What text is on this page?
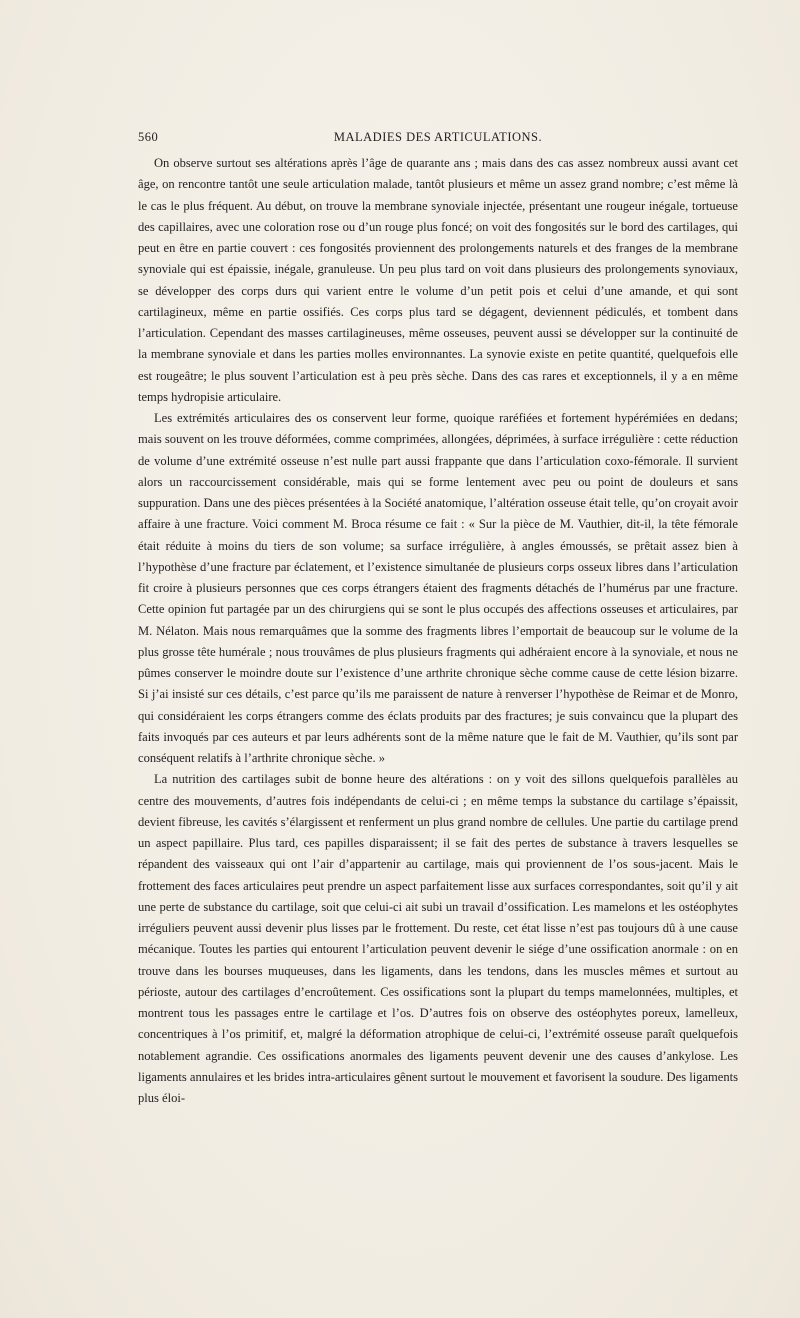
560	MALADIES DES ARTICULATIONS.

On observe surtout ses altérations après l’âge de quarante ans ; mais dans des cas assez nombreux aussi avant cet âge, on rencontre tantôt une seule articulation malade, tantôt plusieurs et même un assez grand nombre; c’est même là le cas le plus fréquent. Au début, on trouve la membrane synoviale injectée, présentant une rougeur inégale, tortueuse des capillaires, avec une coloration rose ou d’un rouge plus foncé; on voit des fongosités sur le bord des cartilages, qui peut en être en partie couvert : ces fongosités proviennent des prolongements naturels et des franges de la membrane synoviale qui est épaissie, inégale, granuleuse. Un peu plus tard on voit dans plusieurs des prolongements synoviaux, se développer des corps durs qui varient entre le volume d’un petit pois et celui d’une amande, et qui sont cartilagineux, même en partie ossifiés. Ces corps plus tard se dégagent, deviennent pédiculés, et tombent dans l’articulation. Cependant des masses cartilagineuses, même osseuses, peuvent aussi se développer sur la continuité de la membrane synoviale et dans les parties molles environnantes. La synovie existe en petite quantité, quelquefois elle est rougeâtre; le plus souvent l’articulation est à peu près sèche. Dans des cas rares et exceptionnels, il y a en même temps hydropisie articulaire.

Les extrémités articulaires des os conservent leur forme, quoique raréfiées et fortement hypérémiées en dedans; mais souvent on les trouve déformées, comme comprimées, allongées, déprimées, à surface irrégulière : cette réduction de volume d’une extrémité osseuse n’est nulle part aussi frappante que dans l’articulation coxo-fémorale. Il survient alors un raccourcissement considérable, mais qui se forme lentement avec peu ou point de douleurs et sans suppuration. Dans une des pièces présentées à la Société anatomique, l’altération osseuse était telle, qu’on croyait avoir affaire à une fracture. Voici comment M. Broca résume ce fait : « Sur la pièce de M. Vauthier, dit-il, la tête fémorale était réduite à moins du tiers de son volume; sa surface irrégulière, à angles émoussés, se prêtait assez bien à l’hypothèse d’une fracture par éclatement, et l’existence simultanée de plusieurs corps osseux libres dans l’articulation fit croire à plusieurs personnes que ces corps étrangers étaient des fragments détachés de l’humérus par une fracture. Cette opinion fut partagée par un des chirurgiens qui se sont le plus occupés des affections osseuses et articulaires, par M. Nélaton. Mais nous remarquâmes que la somme des fragments libres l’emportait de beaucoup sur le volume de la plus grosse tête humérale ; nous trouvâmes de plus plusieurs fragments qui adhéraient encore à la synoviale, et nous ne pûmes conserver le moindre doute sur l’existence d’une arthrite chronique sèche comme cause de cette lésion bizarre. Si j’ai insisté sur ces détails, c’est parce qu’ils me paraissent de nature à renverser l’hypothèse de Reimar et de Monro, qui considéraient les corps étrangers comme des éclats produits par des fractures; je suis convaincu que la plupart des faits invoqués par ces auteurs et par leurs adhérents sont de la même nature que le fait de M. Vauthier, qu’ils sont par conséquent relatifs à l’arthrite chronique sèche. »

La nutrition des cartilages subit de bonne heure des altérations : on y voit des sillons quelquefois parallèles au centre des mouvements, d’autres fois indépendants de celui-ci ; en même temps la substance du cartilage s’épaissit, devient fibreuse, les cavités s’élargissent et renferment un plus grand nombre de cellules. Une partie du cartilage prend un aspect papillaire. Plus tard, ces papilles disparaissent; il se fait des pertes de substance à travers lesquelles se répandent des vaisseaux qui ont l’air d’appartenir au cartilage, mais qui proviennent de l’os sous-jacent. Mais le frottement des faces articulaires peut prendre un aspect parfaitement lisse aux surfaces correspondantes, soit qu’il y ait une perte de substance du cartilage, soit que celui-ci ait subi un travail d’ossification. Les mamelons et les ostéophytes irréguliers peuvent aussi devenir plus lisses par le frottement. Du reste, cet état lisse n’est pas toujours dû à une cause mécanique. Toutes les parties qui entourent l’articulation peuvent devenir le siége d’une ossification anormale : on en trouve dans les bourses muqueuses, dans les ligaments, dans les tendons, dans les muscles mêmes et surtout au périoste, autour des cartilages d’encroûtement. Ces ossifications sont la plupart du temps mamelonnées, multiples, et montrent tous les passages entre le cartilage et l’os. D’autres fois on observe des ostéophytes poreux, lamelleux, concentriques à l’os primitif, et, malgré la déformation atrophique de celui-ci, l’extrémité osseuse paraît quelquefois notablement agrandie. Ces ossifications anormales des ligaments peuvent devenir une des causes d’ankylose. Les ligaments annulaires et les brides intra-articulaires gênent surtout le mouvement et favorisent la soudure. Des ligaments plus éloi-
